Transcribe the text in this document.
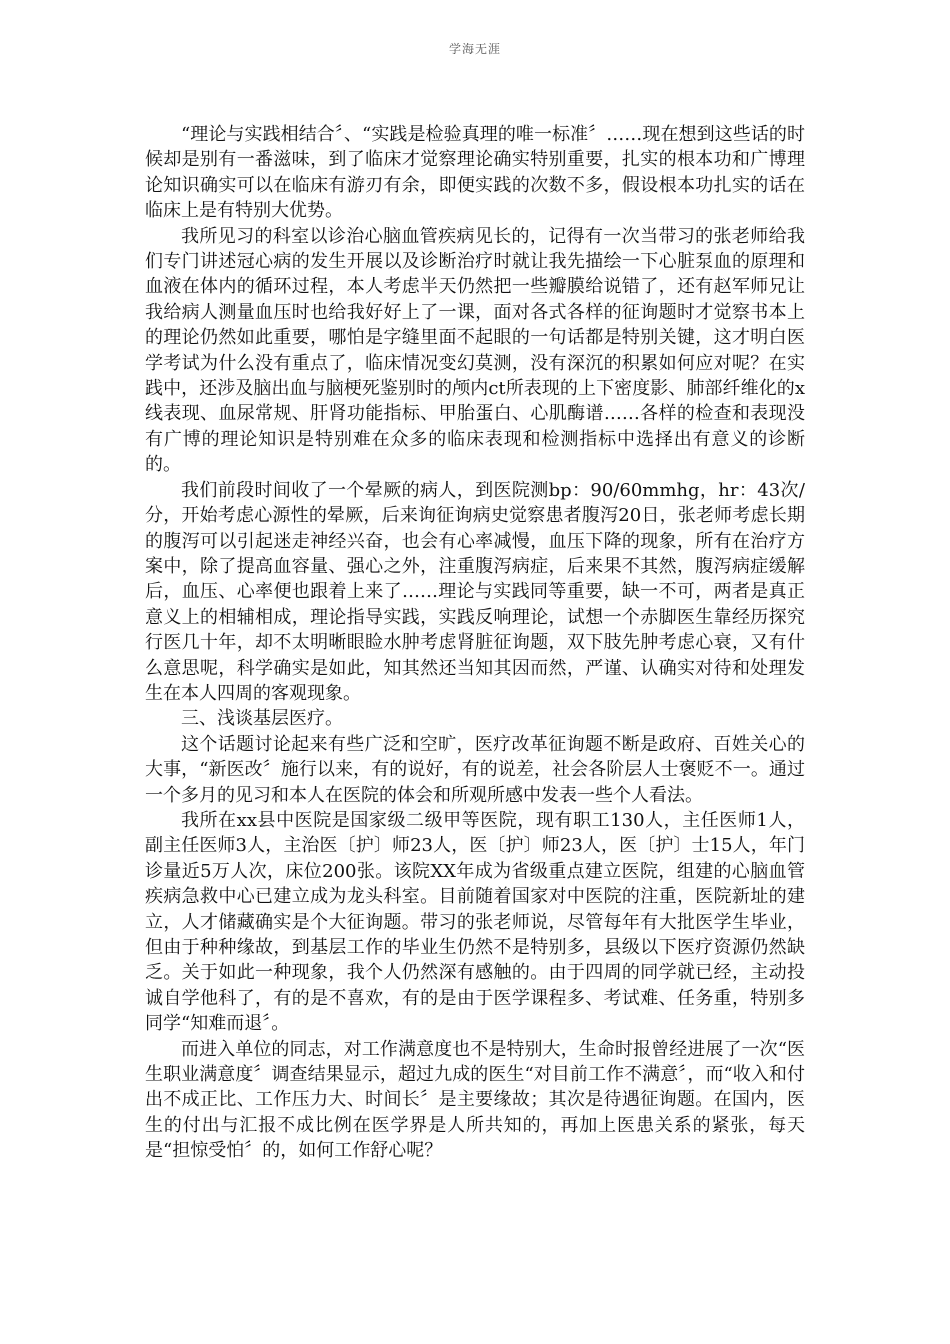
学海无涯

“理论与实践相结合〞、“实践是检验真理的唯一标准〞……现在想到这些话的时候却是别有一番滋味，到了临床才觉察理论确实特别重要，扎实的根本功和广博理论知识确实可以在临床有游刃有余，即便实践的次数不多，假设根本功扎实的话在临床上是有特别大优势。

我所见习的科室以诊治心脑血管疾病见长的，记得有一次当带习的张老师给我们专门讲述冠心病的发生开展以及诊断治疗时就让我先描绘一下心脏泵血的原理和血液在体内的循环过程，本人考虑半天仍然把一些瓣膜给说错了，还有赵军师兄让我给病人测量血压时也给我好好上了一课，面对各式各样的征询题时才觉察书本上的理论仍然如此重要，哪怕是字缝里面不起眼的一句话都是特别关键，这才明白医学考试为什么没有重点了，临床情况变幻莫测，没有深沉的积累如何应对呢？在实践中，还涉及脑出血与脑梗死鉴别时的颅内ct所表现的上下密度影、肺部纤维化的x线表现、血尿常规、肝肾功能指标、甲胎蛋白、心肌酶谱……各样的检查和表现没有广博的理论知识是特别难在众多的临床表现和检测指标中选择出有意义的诊断的。

我们前段时间收了一个晕厥的病人，到医院测bp：90/60mmhg，hr：43次/分，开始考虑心源性的晕厥，后来询征询病史觉察患者腹泻20日，张老师考虑长期的腹泻可以引起迷走神经兴奋，也会有心率减慢，血压下降的现象，所有在治疗方案中，除了提高血容量、强心之外，注重腹泻病症，后来果不其然，腹泻病症缓解后，血压、心率便也跟着上来了……理论与实践同等重要，缺一不可，两者是真正意义上的相辅相成，理论指导实践，实践反响理论，试想一个赤脚医生靠经历探究行医几十年，却不太明晰眼睑水肿考虑肾脏征询题，双下肢先肿考虑心衰，又有什么意思呢，科学确实是如此，知其然还当知其因而然，严谨、认确实对待和处理发生在本人四周的客观现象。

三、浅谈基层医疗。

这个话题讨论起来有些广泛和空旷，医疗改革征询题不断是政府、百姓关心的大事，“新医改〞施行以来，有的说好，有的说差，社会各阶层人士褒贬不一。通过一个多月的见习和本人在医院的体会和所观所感中发表一些个人看法。

我所在xx县中医院是国家级二级甲等医院，现有职工130人，主任医师1人，副主任医师3人，主治医〔护〕师23人，医〔护〕师23人，医〔护〕士15人，年门诊量近5万人次，床位200张。该院XX年成为省级重点建立医院，组建的心脑血管疾病急救中心已建立成为龙头科室。目前随着国家对中医院的注重，医院新址的建立，人才储藏确实是个大征询题。带习的张老师说，尽管每年有大批医学生毕业，但由于种种缘故，到基层工作的毕业生仍然不是特别多，县级以下医疗资源仍然缺乏。关于如此一种现象，我个人仍然深有感触的。由于四周的同学就已经，主动投诚自学他科了，有的是不喜欢，有的是由于医学课程多、考试难、任务重，特别多同学“知难而退〞。

而进入单位的同志，对工作满意度也不是特别大，生命时报曾经进展了一次“医生职业满意度〞调查结果显示，超过九成的医生“对目前工作不满意〞，而“收入和付出不成正比、工作压力大、时间长〞是主要缘故；其次是待遇征询题。在国内，医生的付出与汇报不成比例在医学界是人所共知的，再加上医患关系的紧张，每天是“担惊受怕〞的，如何工作舒心呢？
